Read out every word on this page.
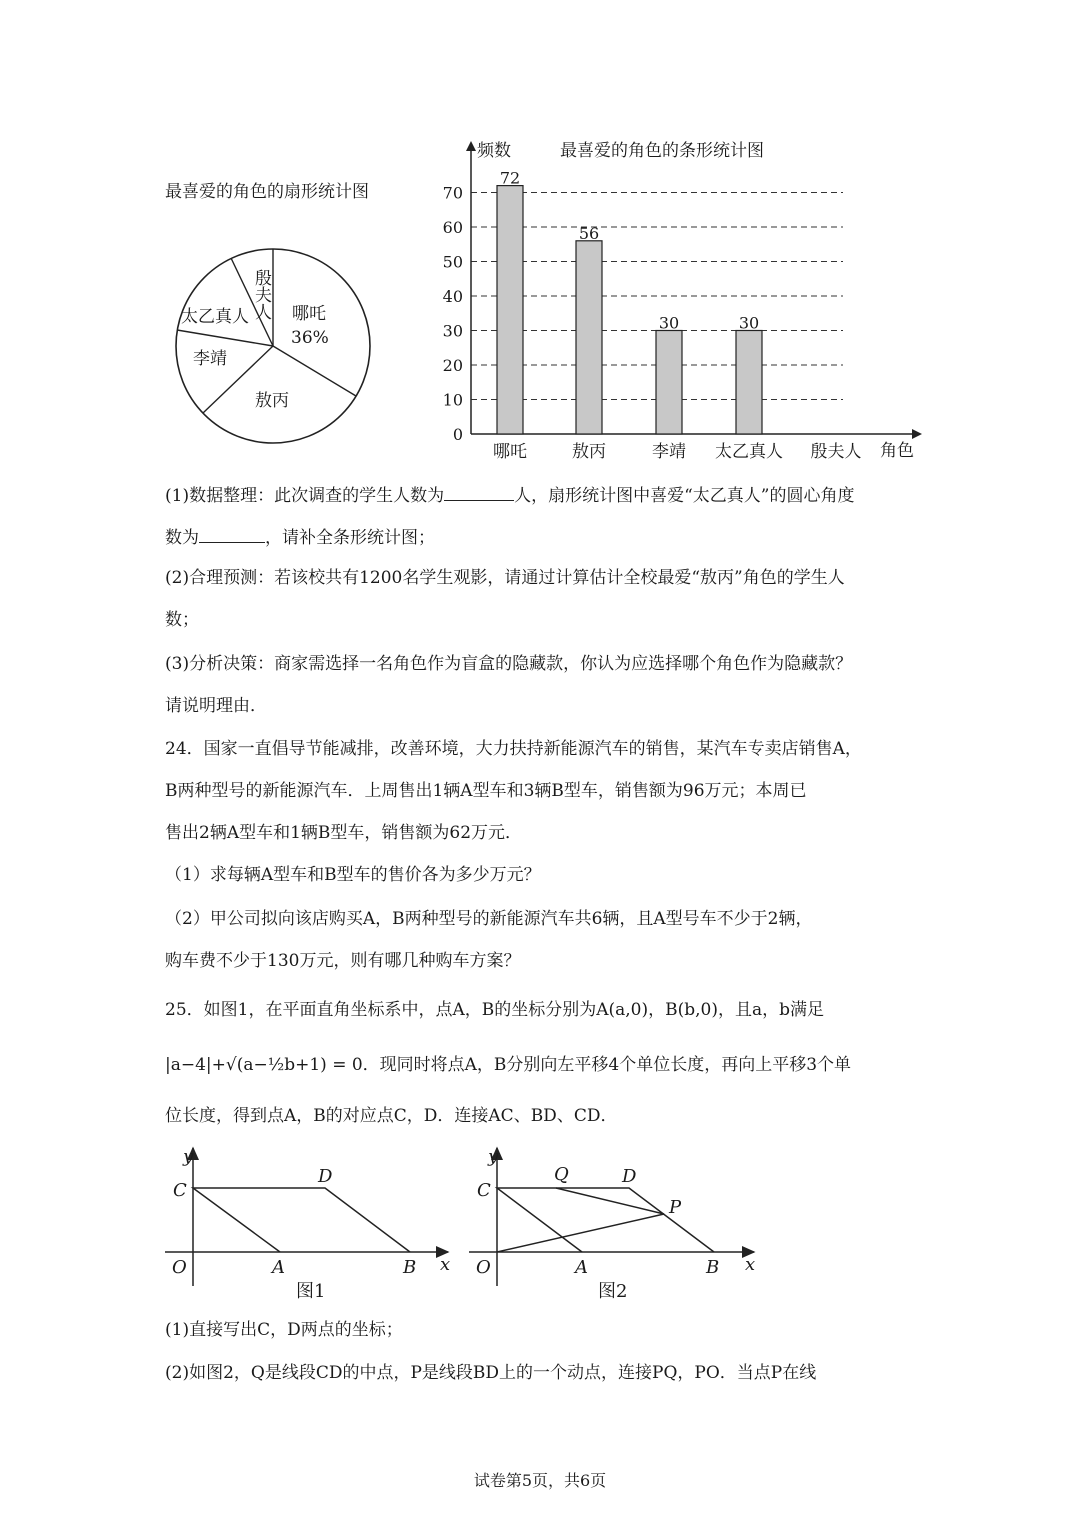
最喜爱的角色的扇形统计图
哪吒
36%
敖丙
李靖
太乙真人 殷夫人
0
10
20
30
40
50
60
70
频数	最喜爱的角色的条形统计图
角色
72
哪吒
56
敖丙
30
李靖
30
太乙真人 殷夫人
(1)数据整理：此次调查的学生人数为	人，扇形统计图中喜爱“太乙真人”的圆心角度
数为	，请补全条形统计图；
(2)合理预测：若该校共有1200名学生观影，请通过计算估计全校最爱“敖丙”角色的学生人
数；
(3)分析决策：商家需选择一名角色作为盲盒的隐藏款，你认为应选择哪个角色作为隐藏款？
请说明理由．
24．国家一直倡导节能减排，改善环境，大力扶持新能源汽车的销售，某汽车专卖店销售A，
B两种型号的新能源汽车．上周售出1辆A型车和3辆B型车，销售额为96万元；本周已
售出2辆A型车和1辆B型车，销售额为62万元．
（1）求每辆A型车和B型车的售价各为多少万元？
（2）甲公司拟向该店购买A，B两种型号的新能源汽车共6辆，且A型号车不少于2辆，
购车费不少于130万元，则有哪几种购车方案？
25．如图1，在平面直角坐标系中，点A，B的坐标分别为A(a,0)，B(b,0)，且a，b满足
|a−4|+√(a−½b+1) = 0．现同时将点A，B分别向左平移4个单位长度，再向上平移3个单
位长度，得到点A，B的对应点C，D．连接AC、BD、CD．
y
x
O	A	B
C
D
图1
y
x
O	A	B
C
D
Q
P
图2
(1)直接写出C，D两点的坐标；
(2)如图2，Q是线段CD的中点，P是线段BD上的一个动点，连接PQ，PO．当点P在线
试卷第5页，共6页
